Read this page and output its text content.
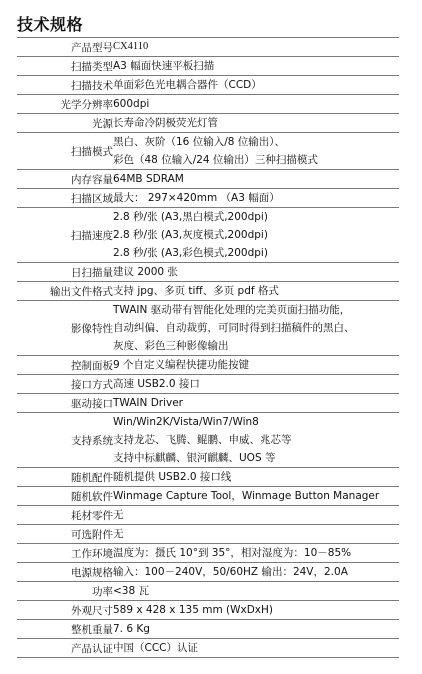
技术规格
产品型号	CX4110

扫描类型	A3 幅面快速平板扫描

扫描技术	单面彩色光电耦合器件（CCD）

光学分辨率	600dpi

光源	长寿命冷阴极荧光灯管

扫描模式	黑白、灰阶（16 位输入/8 位输出）、
彩色（48 位输入/24 位输出）三种扫描模式

内存容量	64MB SDRAM

扫描区域	最大： 297×420mm （A3 幅面）

扫描速度	2.8 秒/张 (A3,黑白模式,200dpi)
2.8 秒/张 (A3,灰度模式,200dpi)
2.8 秒/张 (A3,彩色模式,200dpi)

日扫描量	建议 2000 张

输出文件格式	支持 jpg、多页 tiff、多页 pdf 格式

影像特性	TWAIN 驱动带有智能化处理的完美页面扫描功能，
自动纠偏、自动裁剪，可同时得到扫描稿件的黑白、
灰度、彩色三种影像输出

控制面板	9 个自定义编程快捷功能按键

接口方式	高速 USB2.0 接口

驱动接口	TWAIN Driver

支持系统	Win/Win2K/Vista/Win7/Win8
支持龙芯、飞腾、鲲鹏、申威、兆芯等
支持中标麒麟、银河麒麟、UOS 等

随机配件	随机提供 USB2.0 接口线

随机软件	Winmage Capture Tool，Winmage Button Manager

耗材零件	无

可选附件	无

工作环境	温度为：摄氏 10°到 35°，相对湿度为：10－85%

电源规格	输入：100－240V，50/60HZ 输出：24V，2.0A

功率	<38 瓦

外观尺寸	589 x 428 x 135 mm (WxDxH)

整机重量	7. 6 Kg

产品认证	中国（CCC）认证
